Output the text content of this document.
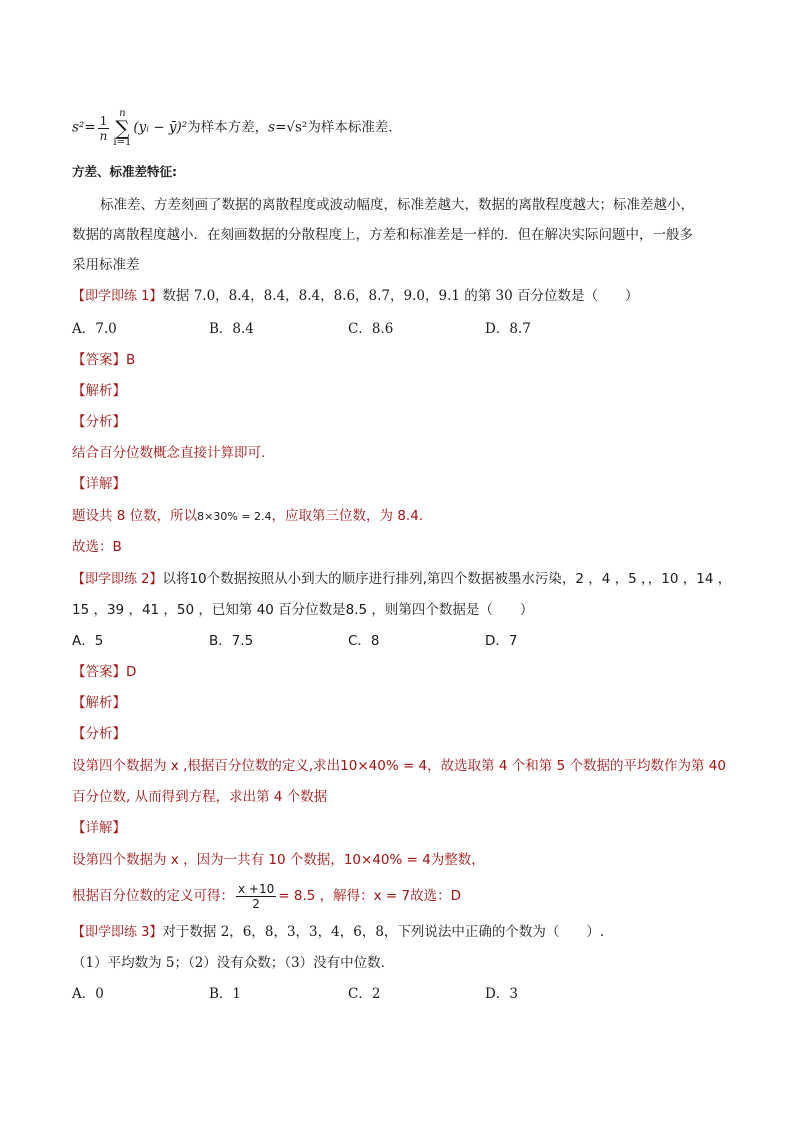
$s^2= \frac{1}{n}$ n
∑
i=1(yᵢ − ȳ)²为样本方差，s=√s²为样本标准差．
方差、标准差特征:
标准差、方差刻画了数据的离散程度或波动幅度，标准差越大，数据的离散程度越大；标准差越小，
数据的离散程度越小．在刻画数据的分散程度上，方差和标准差是一样的．但在解决实际问题中，一般多
采用标准差
【即学即练 1】数据 7.0，8.4，8.4，8.4，8.6，8.7，9.0，9.1 的第 30 百分位数是（　　）
A．7.0	B．8.4	C．8.6	D．8.7
【答案】B
【解析】
【分析】
结合百分位数概念直接计算即可.
【详解】
题设共 8 位数，所以8×30% = 2.4，应取第三位数，为 8.4.
故选：B
【即学即练 2】以将10个数据按照从小到大的顺序进行排列,第四个数据被墨水污染，2 ，4 ，5 ，，10 ，14 ，
15 ，39 ，41 ，50 ，已知第 40 百分位数是8.5 ，则第四个数据是（　　）
A．5	B．7.5	C．8	D．7
【答案】D
【解析】
【分析】
设第四个数据为 x ,根据百分位数的定义,求出10×40% = 4，故选取第 4 个和第 5 个数据的平均数作为第 40
百分位数, 从而得到方程，求出第 4 个数据
【详解】
设第四个数据为 x ，因为一共有 10 个数据，10×40% = 4为整数，
根据百分位数的定义可得： $\frac{x +10}{2} = 8.5$ ，解得：x = 7故选：D
【即学即练 3】对于数据 2，6，8，3，3，4，6，8，下列说法中正确的个数为（　　）.
（1）平均数为 5；（2）没有众数；（3）没有中位数．
A．0	B．1	C．2	D．3
